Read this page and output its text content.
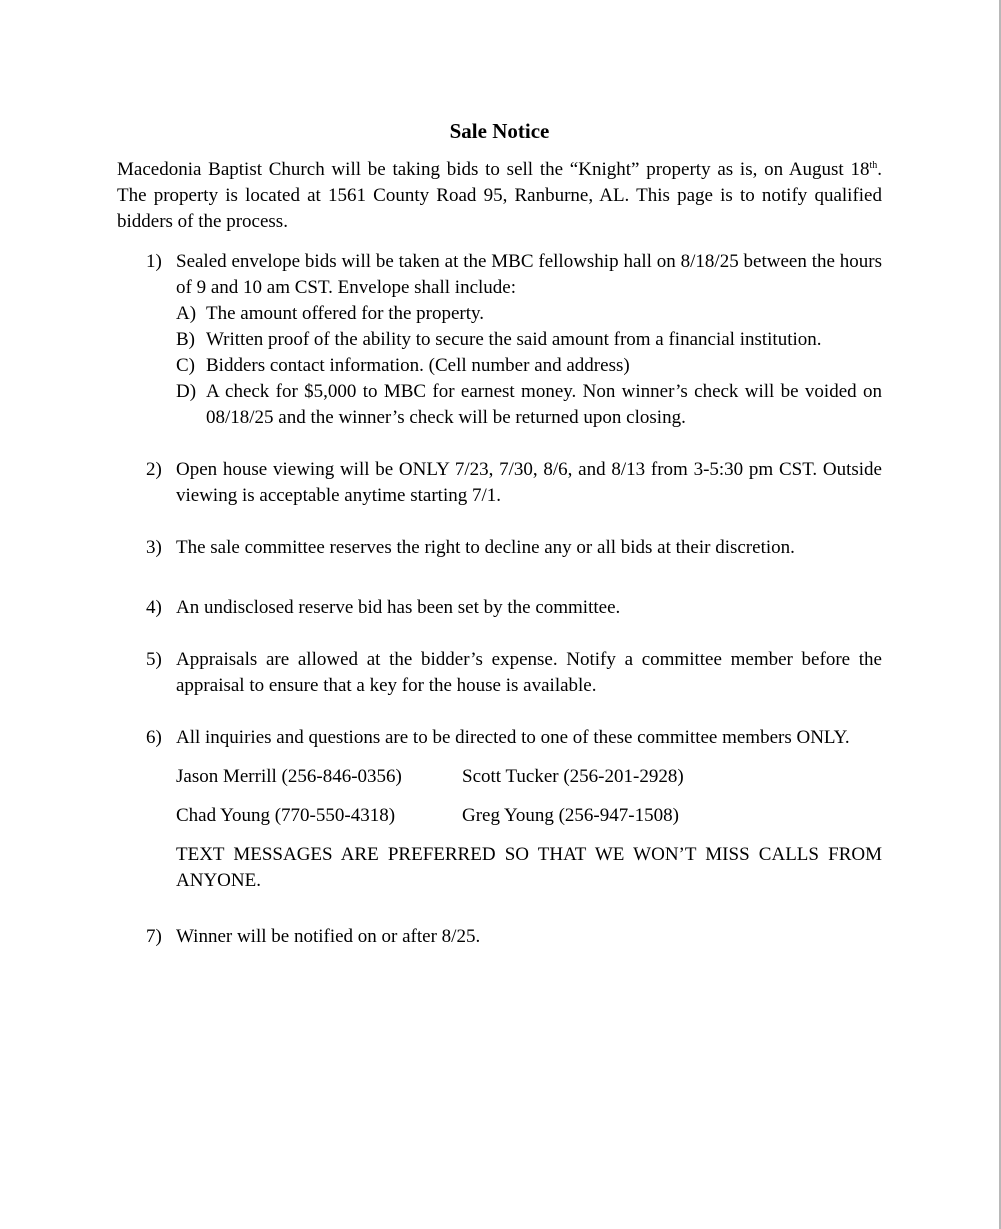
Sale Notice

Macedonia Baptist Church will be taking bids to sell the “Knight” property as is, on August 18th. The property is located at 1561 County Road 95, Ranburne, AL. This page is to notify qualified bidders of the process.

1) Sealed envelope bids will be taken at the MBC fellowship hall on 8/18/25 between the hours of 9 and 10 am CST. Envelope shall include:
A) The amount offered for the property.
B) Written proof of the ability to secure the said amount from a financial institution.
C) Bidders contact information. (Cell number and address)
D) A check for $5,000 to MBC for earnest money. Non winner’s check will be voided on 08/18/25 and the winner’s check will be returned upon closing.
2) Open house viewing will be ONLY 7/23, 7/30, 8/6, and 8/13 from 3-5:30 pm CST. Outside viewing is acceptable anytime starting 7/1.
3) The sale committee reserves the right to decline any or all bids at their discretion.
4) An undisclosed reserve bid has been set by the committee.
5) Appraisals are allowed at the bidder’s expense. Notify a committee member before the appraisal to ensure that a key for the house is available.
6) All inquiries and questions are to be directed to one of these committee members ONLY.
Jason Merrill (256-846-0356)	Scott Tucker (256-201-2928)
Chad Young (770-550-4318)	Greg Young (256-947-1508)
TEXT MESSAGES ARE PREFERRED SO THAT WE WON’T MISS CALLS FROM ANYONE.
7) Winner will be notified on or after 8/25.
